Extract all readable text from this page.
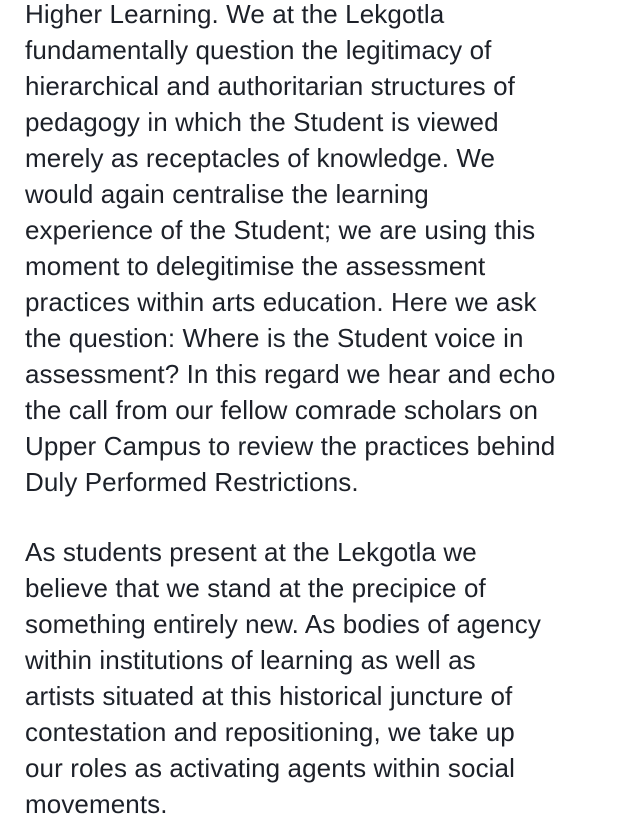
Higher Learning. We at the Lekgotla
fundamentally question the legitimacy of
hierarchical and authoritarian structures of
pedagogy in which the Student is viewed
merely as receptacles of knowledge. We
would again centralise the learning
experience of the Student; we are using this
moment to delegitimise the assessment
practices within arts education. Here we ask
the question: Where is the Student voice in
assessment? In this regard we hear and echo
the call from our fellow comrade scholars on
Upper Campus to review the practices behind
Duly Performed Restrictions.
As students present at the Lekgotla we
believe that we stand at the precipice of
something entirely new. As bodies of agency
within institutions of learning as well as
artists situated at this historical juncture of
contestation and repositioning, we take up
our roles as activating agents within social
movements.
